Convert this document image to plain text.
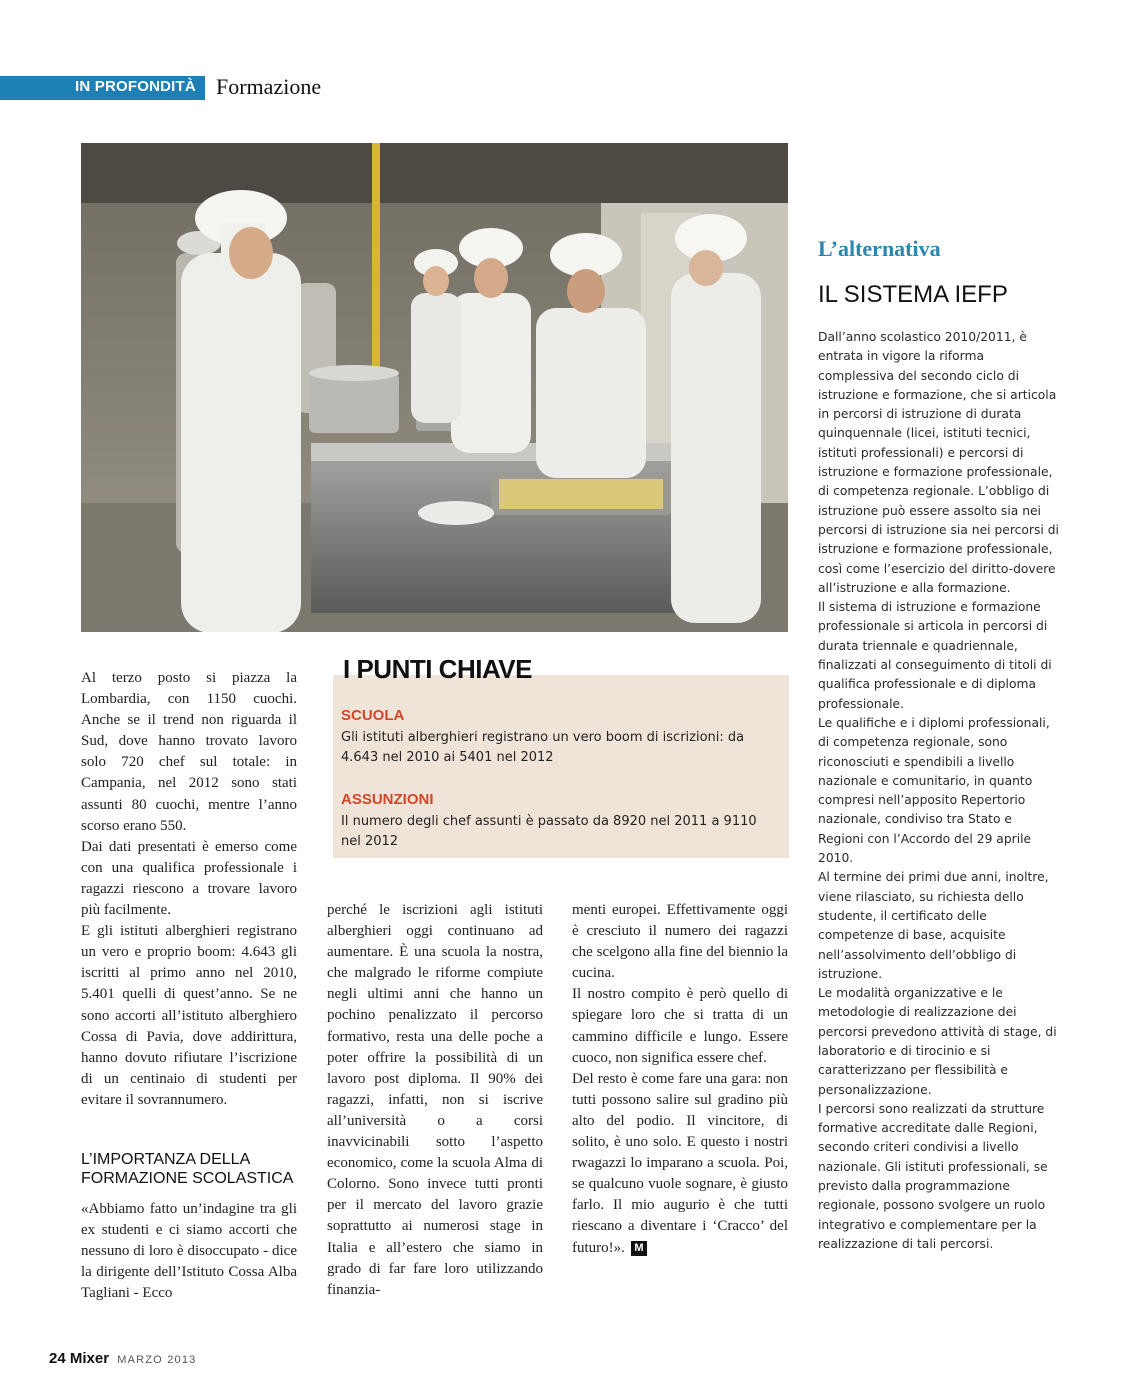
IN PROFONDITÀ Formazione
L’alternativa
IL SISTEMA IEFP

Dall’anno scolastico 2010/2011, è entrata in vigore la riforma complessiva del secondo ciclo di istruzione e formazione, che si articola in percorsi di istruzione di durata quinquennale (licei, istituti tecnici, istituti professionali) e percorsi di istruzione e formazione professionale, di competenza regionale. L’obbligo di istruzione può essere assolto sia nei percorsi di istruzione sia nei percorsi di istruzione e formazione professionale, così come l’esercizio del diritto-dovere all’istruzione e alla formazione.

Il sistema di istruzione e formazione professionale si articola in percorsi di durata triennale e quadriennale, finalizzati al conseguimento di titoli di qualifica professionale e di diploma professionale.

Le qualifiche e i diplomi professionali, di competenza regionale, sono riconosciuti e spendibili a livello nazionale e comunitario, in quanto compresi nell’apposito Repertorio nazionale, condiviso tra Stato e Regioni con l’Accordo del 29 aprile 2010.

Al termine dei primi due anni, inoltre, viene rilasciato, su richiesta dello studente, il certificato delle competenze di base, acquisite nell’assolvimento dell’obbligo di istruzione.

Le modalità organizzative e le metodologie di realizzazione dei percorsi prevedono attività di stage, di laboratorio e di tirocinio e si caratterizzano per flessibilità e personalizzazione.

I percorsi sono realizzati da strutture formative accreditate dalle Regioni, secondo criteri condivisi a livello nazionale. Gli istituti professionali, se previsto dalla programmazione regionale, possono svolgere un ruolo integrativo e complementare per la realizzazione di tali percorsi.

I PUNTI CHIAVE
SCUOLA
Gli istituti alberghieri registrano un vero boom di iscrizioni: da 4.643 nel 2010 ai 5401 nel 2012
ASSUNZIONI
Il numero degli chef assunti è passato da 8920 nel 2011 a 9110 nel 2012

Al terzo posto si piazza la Lombardia, con 1150 cuochi. Anche se il trend non riguarda il Sud, dove hanno trovato lavoro solo 720 chef sul totale: in Campania, nel 2012 sono stati assunti 80 cuochi, mentre l’anno scorso erano 550.

Dai dati presentati è emerso come con una qualifica professionale i ragazzi riescono a trovare lavoro più facilmente.

E gli istituti alberghieri registrano un vero e proprio boom: 4.643 gli iscritti al primo anno nel 2010, 5.401 quelli di quest’anno. Se ne sono accorti all’istituto alberghiero Cossa di Pavia, dove addirittura, hanno dovuto rifiutare l’iscrizione di un centinaio di studenti per evitare il sovrannumero.

L’IMPORTANZA DELLA FORMAZIONE SCOLASTICA

«Abbiamo fatto un’indagine tra gli ex studenti e ci siamo accorti che nessuno di loro è disoccupato - dice la dirigente dell’Istituto Cossa Alba Tagliani - Ecco

perché le iscrizioni agli istituti alberghieri oggi continuano ad aumentare. È una scuola la nostra, che malgrado le riforme compiute negli ultimi anni che hanno un pochino penalizzato il percorso formativo, resta una delle poche a poter offrire la possibilità di un lavoro post diploma. Il 90% dei ragazzi, infatti, non si iscrive all’università o a corsi inavvicinabili sotto l’aspetto economico, come la scuola Alma di Colorno. Sono invece tutti pronti per il mercato del lavoro grazie soprattutto ai numerosi stage in Italia e all’estero che siamo in grado di far fare loro utilizzando finanzia-

menti europei. Effettivamente oggi è cresciuto il numero dei ragazzi che scelgono alla fine del biennio la cucina.

Il nostro compito è però quello di spiegare loro che si tratta di un cammino difficile e lungo. Essere cuoco, non significa essere chef.

Del resto è come fare una gara: non tutti possono salire sul gradino più alto del podio. Il vincitore, di solito, è uno solo. E questo i nostri rwagazzi lo imparano a scuola. Poi, se qualcuno vuole sognare, è giusto farlo. Il mio augurio è che tutti riescano a diventare i ‘Cracco’ del futuro!». M

24 Mixer MARZO 2013
